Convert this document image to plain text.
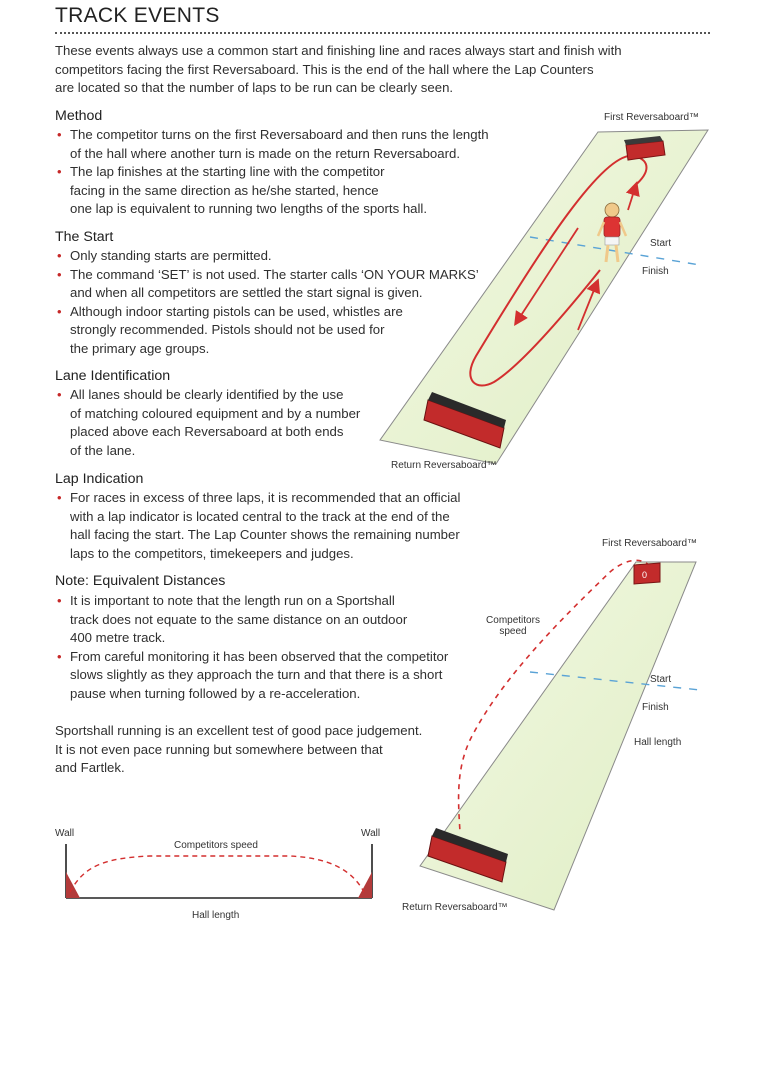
0
TRACK EVENTS
These events always use a common start and finishing line and races always start and finish with
competitors facing the first Reversaboard. This is the end of the hall where the Lap Counters
are located so that the number of laps to be run can be clearly seen.
Method
• The competitor turns on the first Reversaboard and then runs the length
of the hall where another turn is made on the return Reversaboard.
• The lap finishes at the starting line with the competitor
facing in the same direction as he/she started, hence
one lap is equivalent to running two lengths of the sports hall.
The Start
• Only standing starts are permitted.
• The command ‘SET’ is not used. The starter calls ‘ON YOUR MARKS’
and when all competitors are settled the start signal is given.
• Although indoor starting pistols can be used, whistles are
strongly recommended. Pistols should not be used for
the primary age groups.
Lane Identification
• All lanes should be clearly identified by the use
of matching coloured equipment and by a number
placed above each Reversaboard at both ends
of the lane.
Lap Indication
• For races in excess of three laps, it is recommended that an official
with a lap indicator is located central to the track at the end of the
hall facing the start. The Lap Counter shows the remaining number
laps to the competitors, timekeepers and judges.
Note: Equivalent Distances
• It is important to note that the length run on a Sportshall
track does not equate to the same distance on an outdoor
400 metre track.
• From careful monitoring it has been observed that the competitor
slows slightly as they approach the turn and that there is a short
pause when turning followed by a re-acceleration.
Sportshall running is an excellent test of good pace judgement.
It is not even pace running but somewhere between that
and Fartlek.
First Reversaboard™
Start
Finish
Return Reversaboard™
First Reversaboard™
Competitors
speed
Start
Finish
Hall length
Return Reversaboard™
Wall	Wall
Competitors speed
Hall length
